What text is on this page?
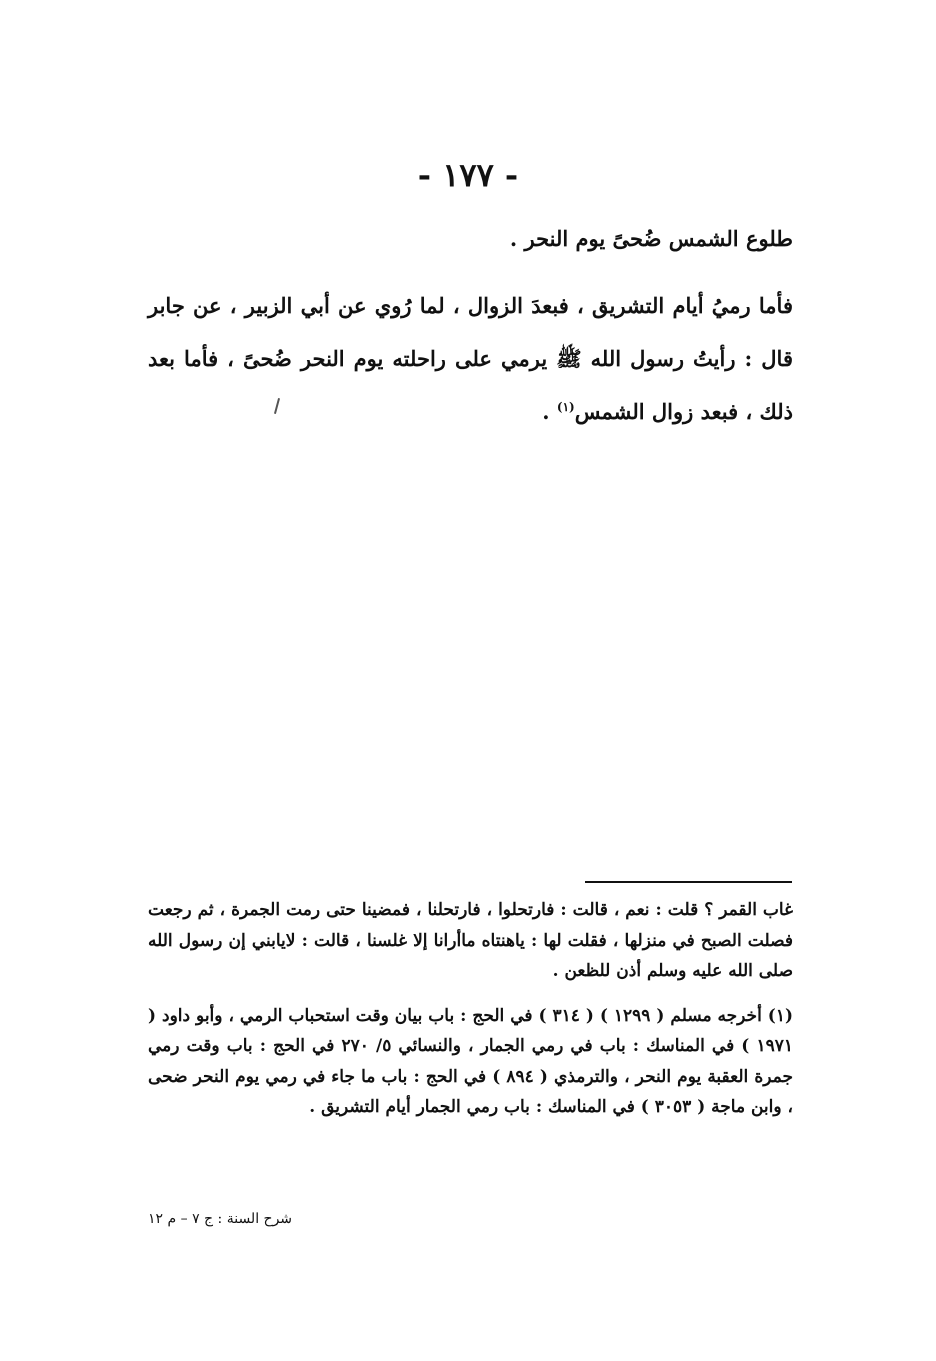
- ١٧٧ -

طلوع الشمس ضُحىً يوم النحر .

فأما رميُ أيام التشريق ، فبعدَ الزوال ، لما رُوي عن أبي الزبير ، عن جابر قال : رأيتُ رسول الله ﷺ يرمي على راحلته يوم النحر ضُحىً ، فأما بعد ذلك ، فبعد زوال الشمس$^{(١)}$ .

غاب القمر ؟ قلت : نعم ، قالت : فارتحلوا ، فارتحلنا ، فمضينا حتى رمت الجمرة ، ثم رجعت فصلت الصبح في منزلها ، فقلت لها : ياهنتاه ماأرانا إلا غلسنا ، قالت : لايابني إن رسول الله صلى الله عليه وسلم أذن للظعن .

(١) أخرجه مسلم ( ١٢٩٩ ) ( ٣١٤ ) في الحج : باب بيان وقت استحباب الرمي ، وأبو داود ( ١٩٧١ ) في المناسك : باب في رمي الجمار ، والنسائي ٥/ ٢٧٠ في الحج : باب وقت رمي جمرة العقبة يوم النحر ، والترمذي ( ٨٩٤ ) في الحج : باب ما جاء في رمي يوم النحر ضحى ، وابن ماجة ( ٣٠٥٣ ) في المناسك : باب رمي الجمار أيام التشريق .

شرح السنة : ج ٧ – م ١٢
